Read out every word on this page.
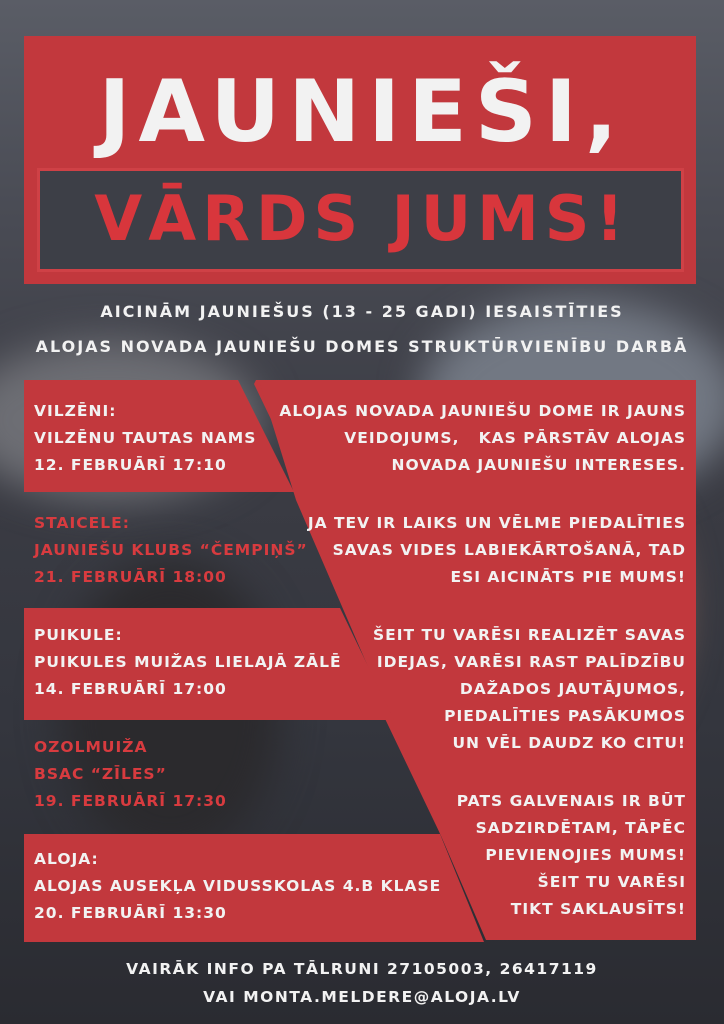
JAUNIEŠI,
VĀRDS JUMS!
AICINĀM JAUNIEŠUS (13 - 25 GADI) IESAISTĪTIES
ALOJAS NOVADA JAUNIEŠU DOMES STRUKTŪRVIENĪBU DARBĀ
VILZĒNI:
VILZĒNU TAUTAS NAMS
12. FEBRUĀRĪ 17:10
STAICELE:
JAUNIEŠU KLUBS “ČEMPIŅŠ”
21. FEBRUĀRĪ 18:00
PUIKULE:
PUIKULES MUIŽAS LIELAJĀ ZĀLĒ
14. FEBRUĀRĪ 17:00
OZOLMUIŽA
BSAC “ZĪLES”
19. FEBRUĀRĪ 17:30
ALOJA:
ALOJAS AUSEKĻA VIDUSSKOLAS 4.B KLASE
20. FEBRUĀRĪ 13:30
ALOJAS NOVADA JAUNIEŠU DOME IR JAUNS
VEIDOJUMS,   KAS PĀRSTĀV ALOJAS
NOVADA JAUNIEŠU INTERESES.
JA TEV IR LAIKS UN VĒLME PIEDALĪTIES
SAVAS VIDES LABIEKĀRTOŠANĀ, TAD
ESI AICINĀTS PIE MUMS!
ŠEIT TU VARĒSI REALIZĒT SAVAS
IDEJAS, VARĒSI RAST PALĪDZĪBU
DAŽADOS JAUTĀJUMOS,
PIEDALĪTIES PASĀKUMOS
UN VĒL DAUDZ KO CITU!
PATS GALVENAIS IR BŪT
SADZIRDĒTAM, TĀPĒC
PIEVIENOJIES MUMS!
ŠEIT TU VARĒSI
TIKT SAKLAUSĪTS!
VAIRĀK INFO PA TĀLRUNI 27105003, 26417119
VAI MONTA.MELDERE@ALOJA.LV
